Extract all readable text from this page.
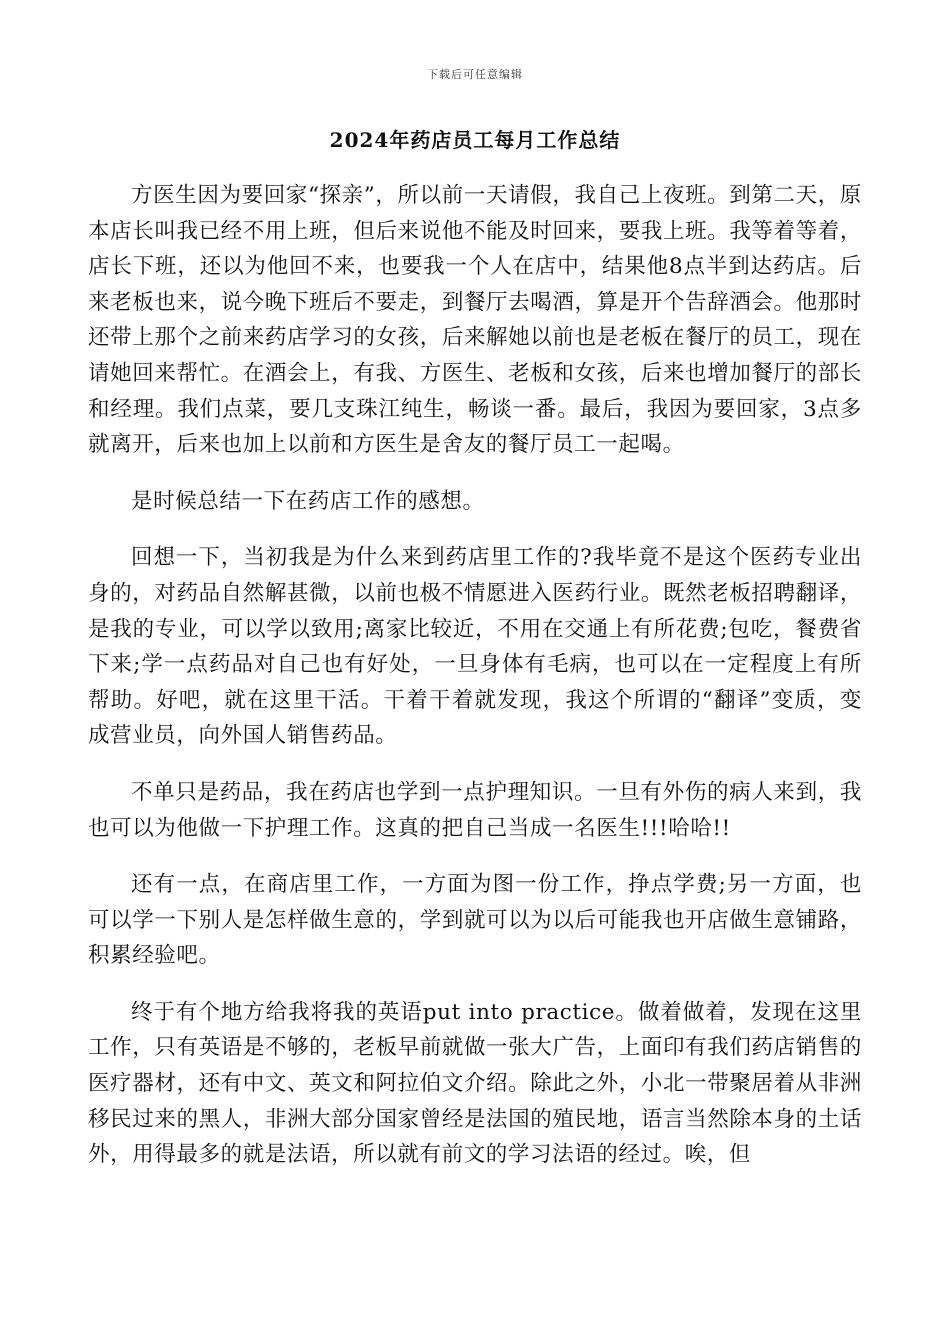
下载后可任意编辑
2024年药店员工每月工作总结

方医生因为要回家“探亲”，所以前一天请假，我自己上夜班。到第二天，原本店长叫我已经不用上班，但后来说他不能及时回来，要我上班。我等着等着，店长下班，还以为他回不来，也要我一个人在店中，结果他8点半到达药店。后来老板也来，说今晚下班后不要走，到餐厅去喝酒，算是开个告辞酒会。他那时还带上那个之前来药店学习的女孩，后来解她以前也是老板在餐厅的员工，现在请她回来帮忙。在酒会上，有我、方医生、老板和女孩，后来也增加餐厅的部长和经理。我们点菜，要几支珠江纯生，畅谈一番。最后，我因为要回家，3点多就离开，后来也加上以前和方医生是舍友的餐厅员工一起喝。

是时候总结一下在药店工作的感想。

回想一下，当初我是为什么来到药店里工作的?我毕竟不是这个医药专业出身的，对药品自然解甚微，以前也极不情愿进入医药行业。既然老板招聘翻译，是我的专业，可以学以致用;离家比较近，不用在交通上有所花费;包吃，餐费省下来;学一点药品对自己也有好处，一旦身体有毛病，也可以在一定程度上有所帮助。好吧，就在这里干活。干着干着就发现，我这个所谓的“翻译”变质，变成营业员，向外国人销售药品。

不单只是药品，我在药店也学到一点护理知识。一旦有外伤的病人来到，我也可以为他做一下护理工作。这真的把自己当成一名医生!!!哈哈!!

还有一点，在商店里工作，一方面为图一份工作，挣点学费;另一方面，也可以学一下别人是怎样做生意的，学到就可以为以后可能我也开店做生意铺路，积累经验吧。

终于有个地方给我将我的英语put into practice。做着做着，发现在这里工作，只有英语是不够的，老板早前就做一张大广告，上面印有我们药店销售的医疗器材，还有中文、英文和阿拉伯文介绍。除此之外，小北一带聚居着从非洲移民过来的黑人，非洲大部分国家曾经是法国的殖民地，语言当然除本身的土话外，用得最多的就是法语，所以就有前文的学习法语的经过。唉，但
